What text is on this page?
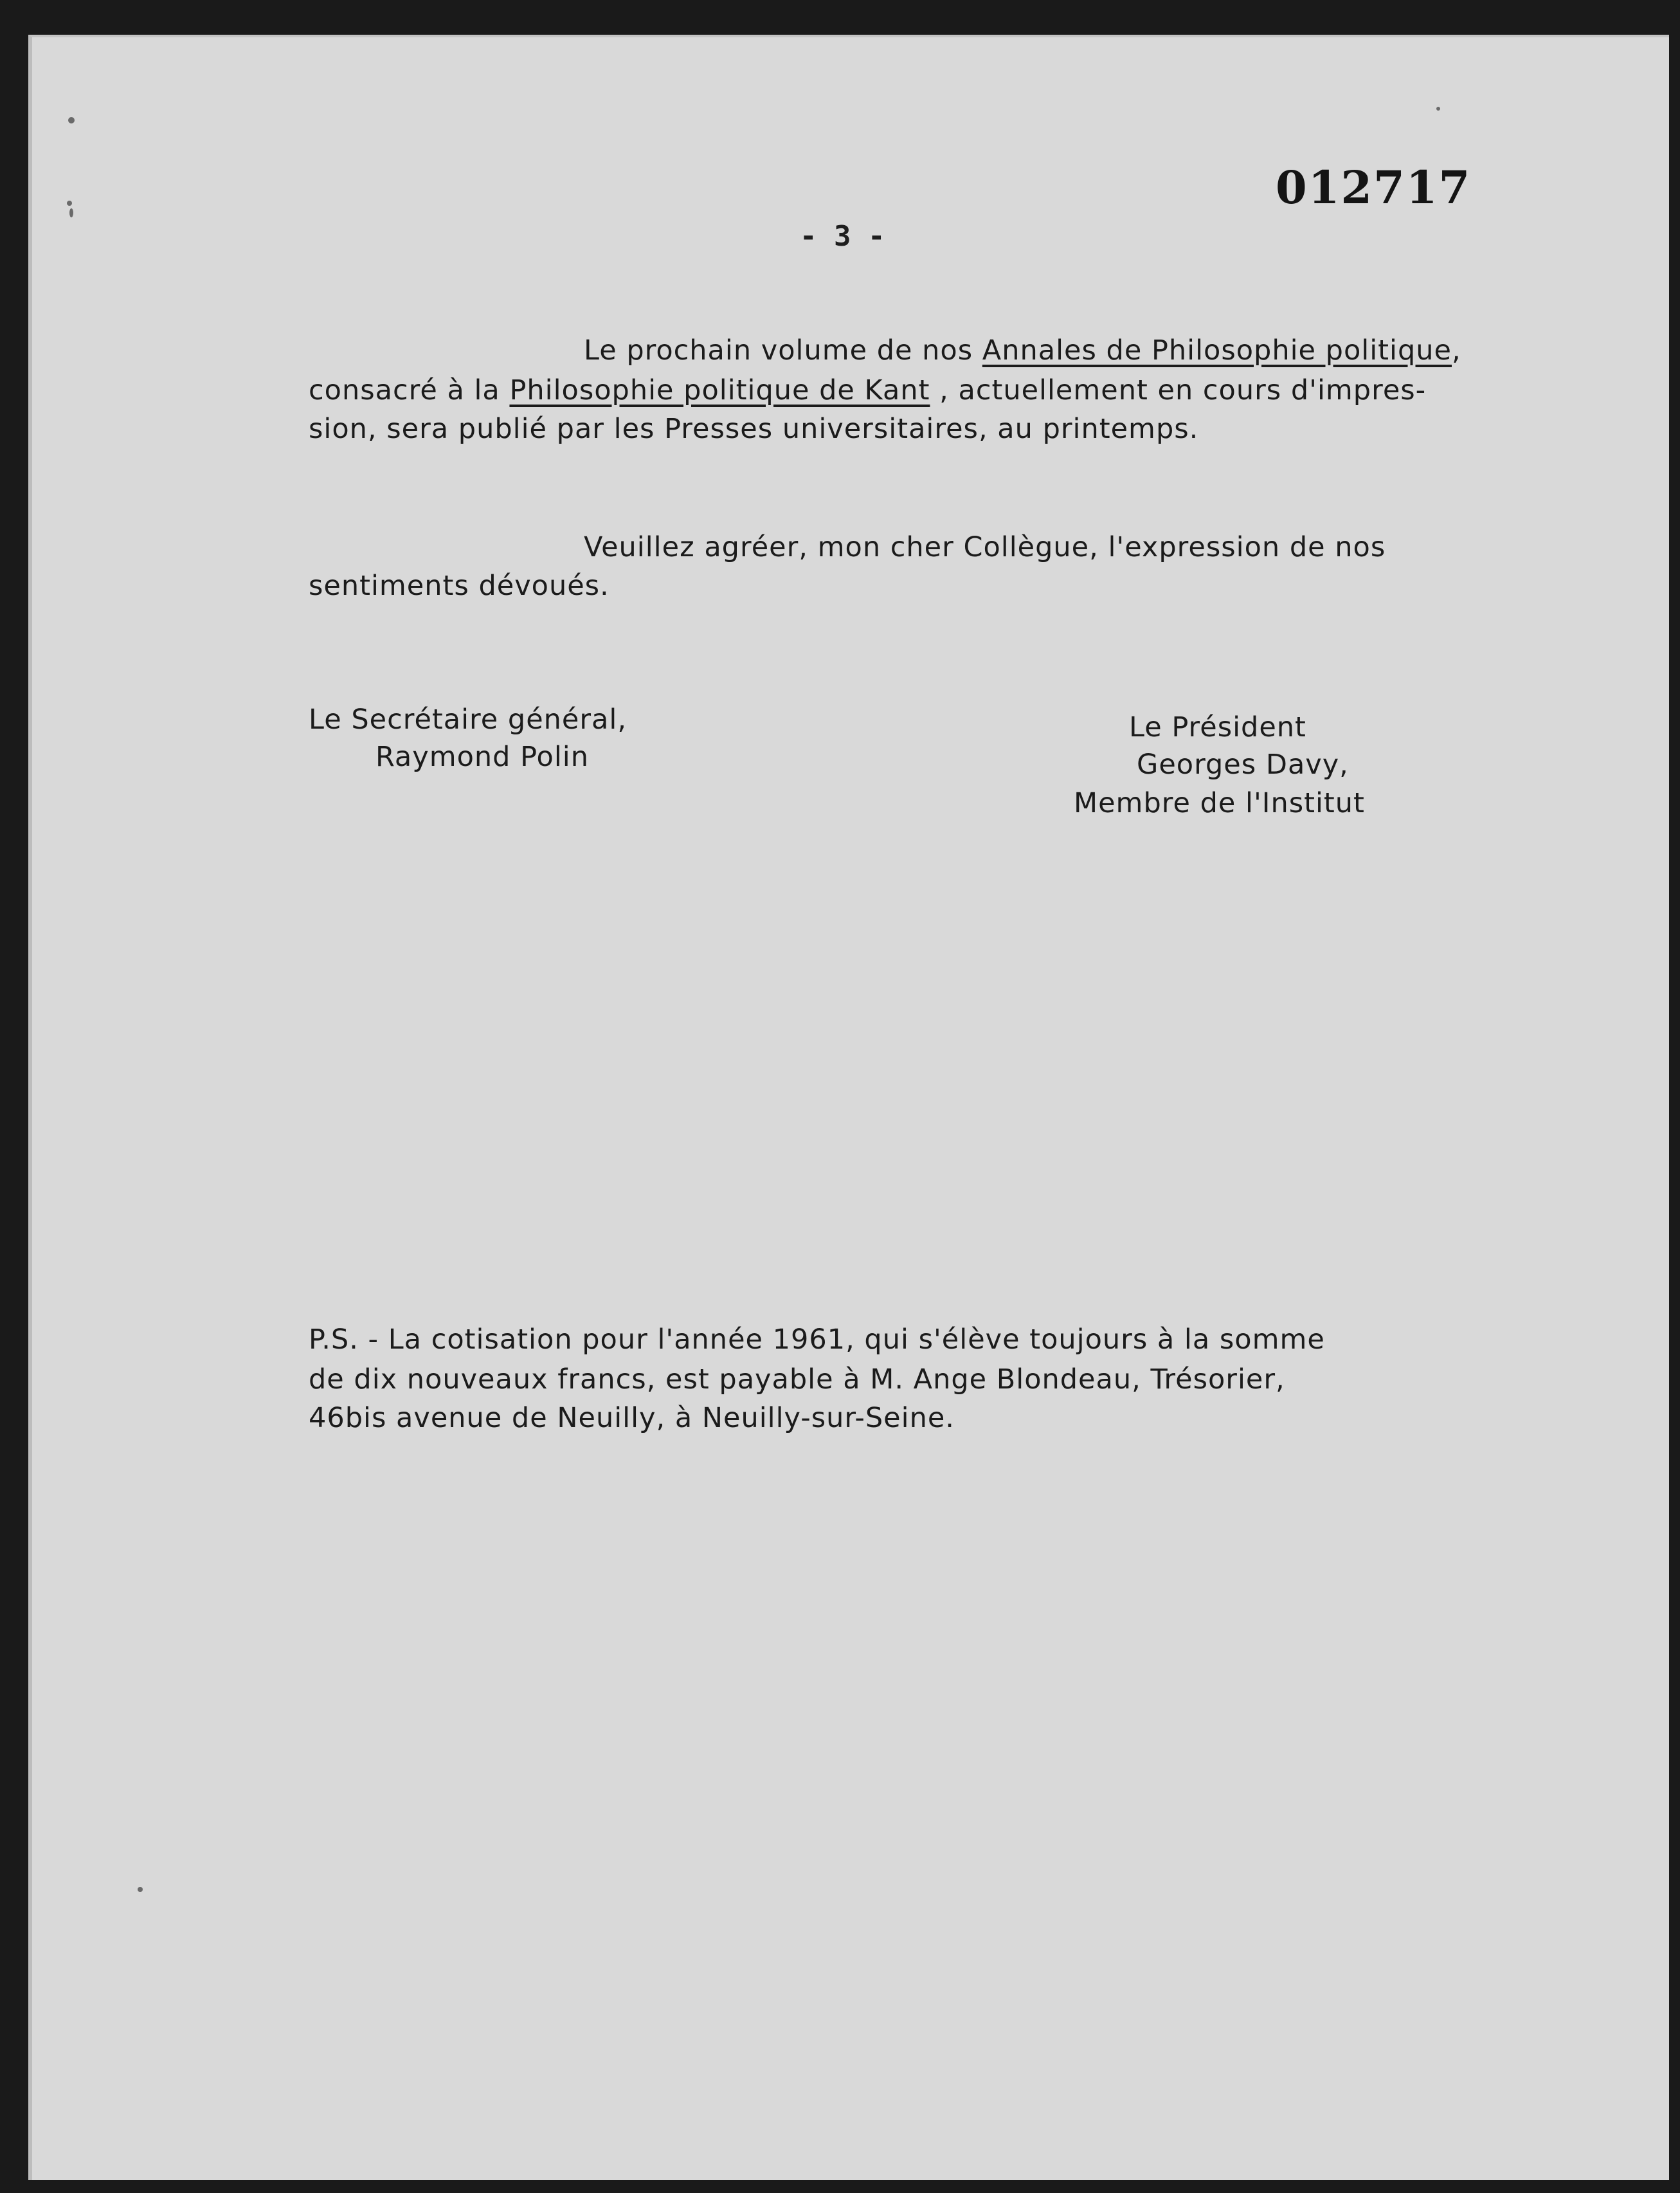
012717
- 3 -
Le prochain volume de nos Annales de Philosophie politique,
consacré à la Philosophie politique de Kant , actuellement en cours d'impres-
sion, sera publié par les Presses universitaires, au printemps.
Veuillez agréer, mon cher Collègue, l'expression de nos
sentiments dévoués.
Le Secrétaire général,
Raymond Polin
Le Président
Georges Davy,
Membre de l'Institut
P.S. - La cotisation pour l'année 1961, qui s'élève toujours à la somme
de dix nouveaux francs, est payable à M. Ange Blondeau, Trésorier,
46bis avenue de Neuilly, à Neuilly-sur-Seine.
